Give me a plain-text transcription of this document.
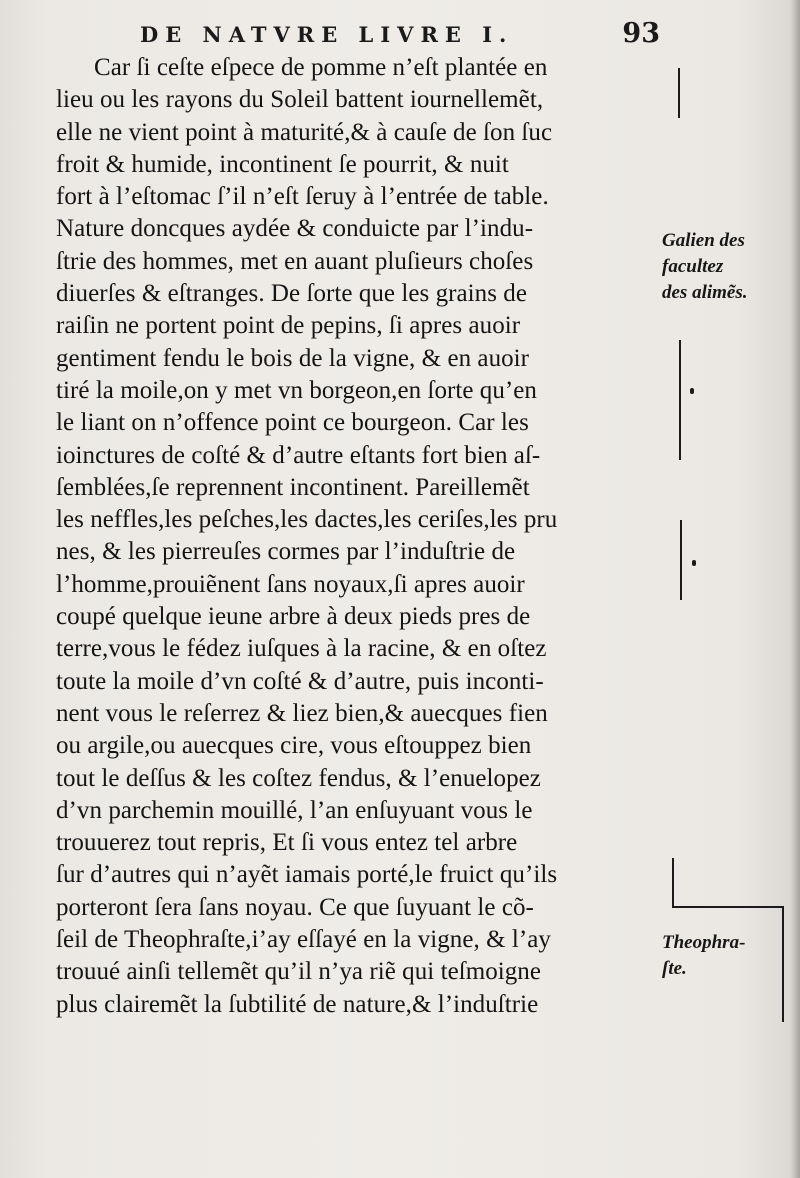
DE NATVRE LIVRE I.	93
Car ſi ceſte eſpece de pomme n’eſt plantée en
lieu ou les rayons du Soleil battent iournellemẽt,
elle ne vient point à maturité,& à cauſe de ſon ſuc
froit & humide, incontinent ſe pourrit, & nuit
fort à l’eſtomac ſ’il n’eſt ſeruy à l’entrée de table.
Nature doncques aydée & conduicte par l’indu-
ſtrie des hommes, met en auant pluſieurs choſes
diuerſes & eſtranges. De ſorte que les grains de
raiſin ne portent point de pepins, ſi apres auoir
gentiment fendu le bois de la vigne, & en auoir
tiré la moile,on y met vn borgeon,en ſorte qu’en
le liant on n’offence point ce bourgeon. Car les
ioinctures de coſté & d’autre eſtants fort bien aſ-
ſemblées,ſe reprennent incontinent. Pareillemẽt
les neffles,les peſches,les dactes,les ceriſes,les pru
nes, & les pierreuſes cormes par l’induſtrie de
l’homme,prouiẽnent ſans noyaux,ſi apres auoir
coupé quelque ieune arbre à deux pieds pres de
terre,vous le fédez iuſques à la racine, & en oſtez
toute la moile d’vn coſté & d’autre, puis inconti-
nent vous le reſerrez & liez bien,& auecques fien
ou argile,ou auecques cire, vous eſtouppez bien
tout le deſſus & les coſtez fendus, & l’enuelopez
d’vn parchemin mouillé, l’an enſuyuant vous le
trouuerez tout repris, Et ſi vous entez tel arbre
ſur d’autres qui n’ayẽt iamais porté,le fruict qu’ils
porteront ſera ſans noyau. Ce que ſuyuant le cõ-
ſeil de Theophraſte,i’ay eſſayé en la vigne, & l’ay
trouué ainſi tellemẽt qu’il n’ya riẽ qui teſmoigne
plus clairemẽt la ſubtilité de nature,& l’induſtrie
Galien des
facultez
des alimẽs.
Theophra-
ſte.
